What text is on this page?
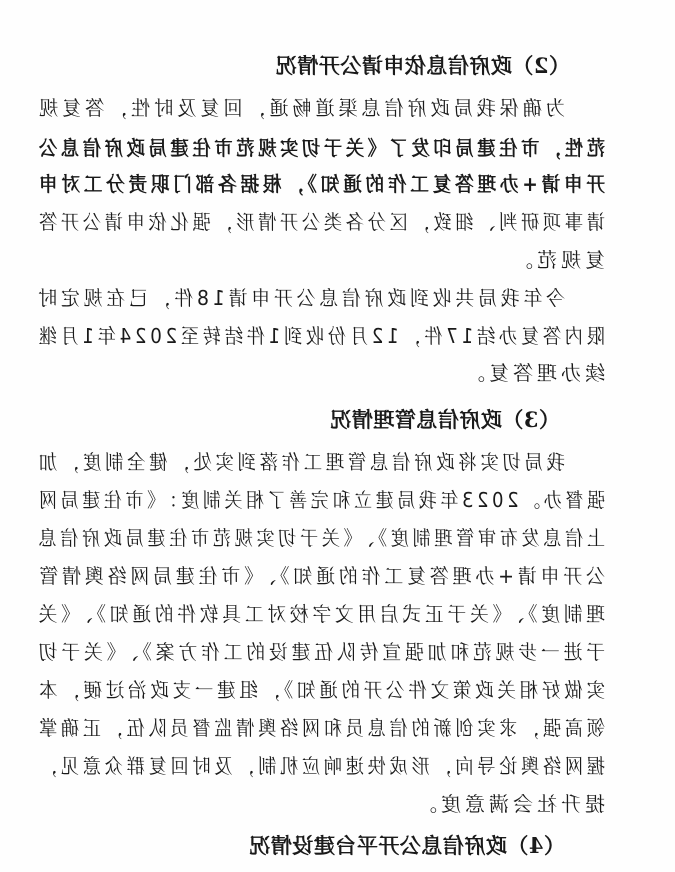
（2）政府信息依申请公开情况
为确保我局政府信息渠道畅通，回复及时性，答复规
范性，市住建局印发了《关于切实规范市住建局政府信息公
开申请+办理答复工作的通知》，根据各部门职责分工对申
请事项研判、细致，区分各类公开情形，强化依申请公开答
复规范。
今年我局共收到政府信息公开申请18件，已在规定时
限内答复办结17件，12月份收到1件结转至2024年1月继
续办理答复。
（3）政府信息管理情况
我局切实将政府信息管理工作落到实处，健全制度，加
强督办。2023年我局建立和完善了相关制度：《市住建局网
上信息发布审管理制度》、《关于切实规范市住建局政府信息
公开申请+办理答复工作的通知》、《市住建局网络舆情管
理制度》、《关于正式启用文字校对工具软件的通知》、《关
于进一步规范和加强宣传队伍建设的工作方案》、《关于切
实做好相关政策文件公开的通知》，组建一支政治过硬，本
领高强，求实创新的信息员和网络舆情监督员队伍，正确掌
握网络舆论导向，形成快速响应机制，及时回复群众意见，
提升社会满意度。
（4）政府信息公开平台建设情况
